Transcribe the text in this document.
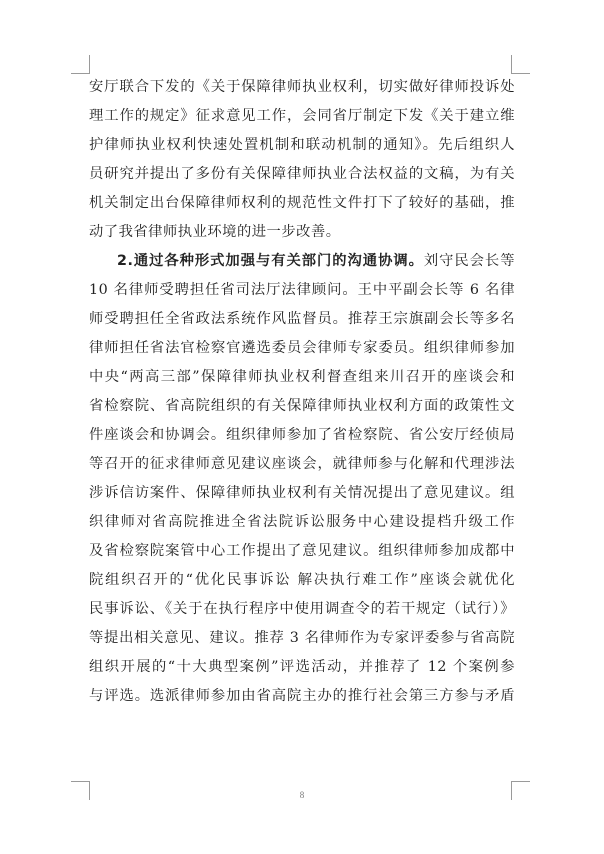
安厅联合下发的《关于保障律师执业权利，切实做好律师投诉处
理工作的规定》征求意见工作，会同省厅制定下发《关于建立维
护律师执业权利快速处置机制和联动机制的通知》。先后组织人
员研究并提出了多份有关保障律师执业合法权益的文稿，为有关
机关制定出台保障律师权利的规范性文件打下了较好的基础，推
动了我省律师执业环境的进一步改善。

2.通过各种形式加强与有关部门的沟通协调。刘守民会长等
10 名律师受聘担任省司法厅法律顾问。王中平副会长等 6 名律
师受聘担任全省政法系统作风监督员。推荐王宗旗副会长等多名
律师担任省法官检察官遴选委员会律师专家委员。组织律师参加
中央“两高三部”保障律师执业权利督查组来川召开的座谈会和
省检察院、省高院组织的有关保障律师执业权利方面的政策性文
件座谈会和协调会。组织律师参加了省检察院、省公安厅经侦局
等召开的征求律师意见建议座谈会，就律师参与化解和代理涉法
涉诉信访案件、保障律师执业权利有关情况提出了意见建议。组
织律师对省高院推进全省法院诉讼服务中心建设提档升级工作
及省检察院案管中心工作提出了意见建议。组织律师参加成都中
院组织召开的“优化民事诉讼 解决执行难工作”座谈会就优化
民事诉讼、《关于在执行程序中使用调查令的若干规定（试行）》
等提出相关意见、建议。推荐 3 名律师作为专家评委参与省高院
组织开展的“十大典型案例”评选活动，并推荐了 12 个案例参
与评选。选派律师参加由省高院主办的推行社会第三方参与矛盾

8
